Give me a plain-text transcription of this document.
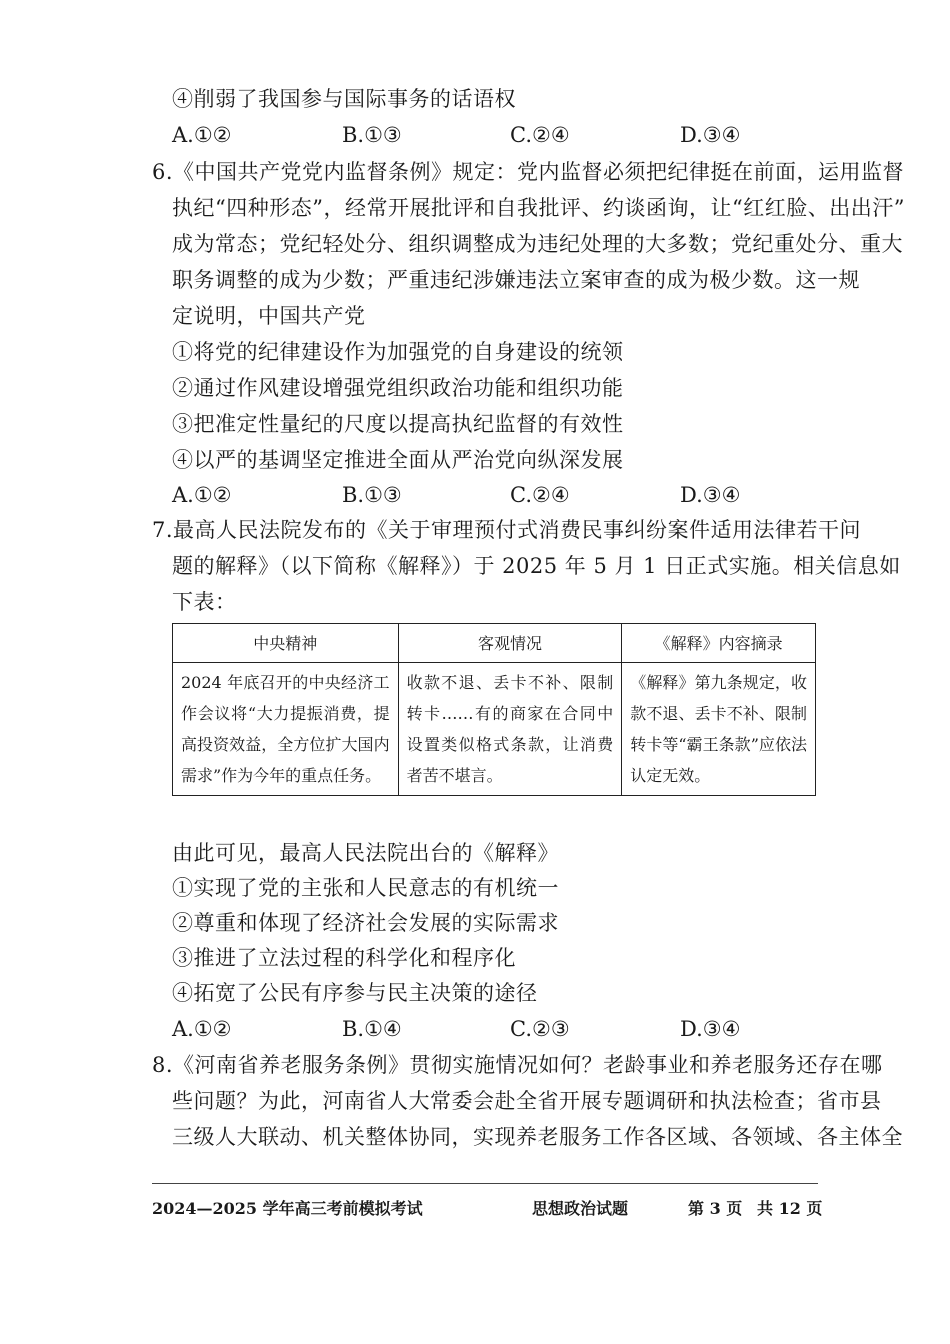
④削弱了我国参与国际事务的话语权
A.①②	B.①③	C.②④	D.③④
6.《中国共产党党内监督条例》规定：党内监督必须把纪律挺在前面，运用监督
执纪“四种形态”，经常开展批评和自我批评、约谈函询，让“红红脸、出出汗”
成为常态；党纪轻处分、组织调整成为违纪处理的大多数；党纪重处分、重大
职务调整的成为少数；严重违纪涉嫌违法立案审查的成为极少数。这一规
定说明，中国共产党
①将党的纪律建设作为加强党的自身建设的统领
②通过作风建设增强党组织政治功能和组织功能
③把准定性量纪的尺度以提高执纪监督的有效性
④以严的基调坚定推进全面从严治党向纵深发展
A.①②	B.①③	C.②④	D.③④
7.最高人民法院发布的《关于审理预付式消费民事纠纷案件适用法律若干问
题的解释》（以下简称《解释》）于 2025 年 5 月 1 日正式实施。相关信息如
下表：
中央精神	客观情况	《解释》内容摘录
2024 年底召开的中央经济工作会议将“大力提振消费，提高投资效益，全方位扩大国内需求”作为今年的重点任务。	收款不退、丢卡不补、限制转卡……有的商家在合同中设置类似格式条款，让消费者苦不堪言。	《解释》第九条规定，收款不退、丢卡不补、限制转卡等“霸王条款”应依法认定无效。
由此可见，最高人民法院出台的《解释》
①实现了党的主张和人民意志的有机统一
②尊重和体现了经济社会发展的实际需求
③推进了立法过程的科学化和程序化
④拓宽了公民有序参与民主决策的途径
A.①②	B.①④	C.②③	D.③④
8.《河南省养老服务条例》贯彻实施情况如何？老龄事业和养老服务还存在哪
些问题？为此，河南省人大常委会赴全省开展专题调研和执法检查；省市县
三级人大联动、机关整体协同，实现养老服务工作各区域、各领域、各主体全
2024—2025 学年高三考前模拟考试	思想政治试题	第 3 页 共 12 页
